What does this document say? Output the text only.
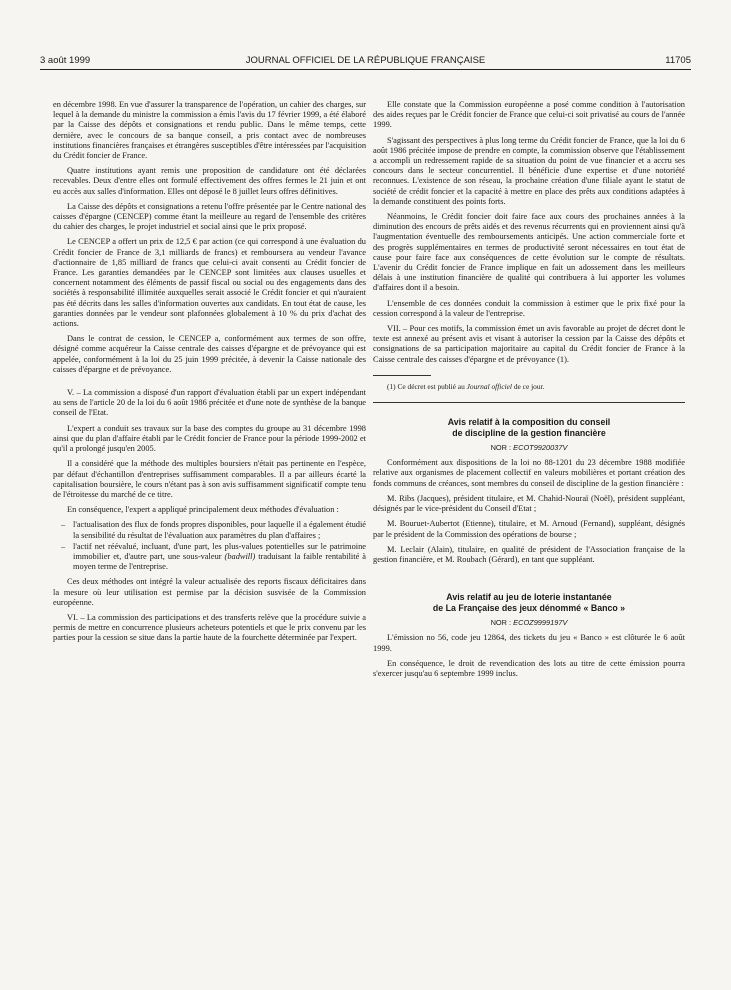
3 août 1999	JOURNAL OFFICIEL DE LA RÉPUBLIQUE FRANÇAISE	11705

en décembre 1998. En vue d'assurer la transparence de l'opération, un cahier des charges, sur lequel à la demande du ministre la commission a émis l'avis du 17 février 1999, a été élaboré par la Caisse des dépôts et consignations et rendu public. Dans le même temps, cette dernière, avec le concours de sa banque conseil, a pris contact avec de nombreuses institutions financières françaises et étrangères susceptibles d'être intéressées par l'acquisition du Crédit foncier de France.

Quatre institutions ayant remis une proposition de candidature ont été déclarées recevables. Deux d'entre elles ont formulé effectivement des offres fermes le 21 juin et ont eu accès aux salles d'information. Elles ont déposé le 8 juillet leurs offres définitives.

La Caisse des dépôts et consignations a retenu l'offre présentée par le Centre national des caisses d'épargne (CENCEP) comme étant la meilleure au regard de l'ensemble des critères du cahier des charges, le projet industriel et social ainsi que le prix proposé.

Le CENCEP a offert un prix de 12,5 € par action (ce qui correspond à une évaluation du Crédit foncier de France de 3,1 milliards de francs) et remboursera au vendeur l'avance d'actionnaire de 1,85 milliard de francs que celui-ci avait consenti au Crédit foncier de France. Les garanties demandées par le CENCEP sont limitées aux clauses usuelles et concernent notamment des éléments de passif fiscal ou social ou des engagements dans des sociétés à responsabilité illimitée auxquelles serait associé le Crédit foncier et qui n'auraient pas été décrits dans les salles d'information ouvertes aux candidats. En tout état de cause, les garanties données par le vendeur sont plafonnées globalement à 10 % du prix d'achat des actions.

Dans le contrat de cession, le CENCEP a, conformément aux termes de son offre, désigné comme acquéreur la Caisse centrale des caisses d'épargne et de prévoyance qui est appelée, conformément à la loi du 25 juin 1999 précitée, à devenir la Caisse nationale des caisses d'épargne et de prévoyance.

V. – La commission a disposé d'un rapport d'évaluation établi par un expert indépendant au sens de l'article 20 de la loi du 6 août 1986 précitée et d'une note de synthèse de la banque conseil de l'Etat.

L'expert a conduit ses travaux sur la base des comptes du groupe au 31 décembre 1998 ainsi que du plan d'affaire établi par le Crédit foncier de France pour la période 1999-2002 et qu'il a prolongé jusqu'en 2005.

Il a considéré que la méthode des multiples boursiers n'était pas pertinente en l'espèce, par défaut d'échantillon d'entreprises suffisamment comparables. Il a par ailleurs écarté la capitalisation boursière, le cours n'étant pas à son avis suffisamment significatif compte tenu de l'étroitesse du marché de ce titre.

En conséquence, l'expert a appliqué principalement deux méthodes d'évaluation :

– l'actualisation des flux de fonds propres disponibles, pour laquelle il a également étudié la sensibilité du résultat de l'évaluation aux paramètres du plan d'affaires ;
– l'actif net réévalué, incluant, d'une part, les plus-values potentielles sur le patrimoine immobilier et, d'autre part, une sous-valeur (badwill) traduisant la faible rentabilité à moyen terme de l'entreprise.

Ces deux méthodes ont intégré la valeur actualisée des reports fiscaux déficitaires dans la mesure où leur utilisation est permise par la décision susvisée de la Commission européenne.

VI. – La commission des participations et des transferts relève que la procédure suivie a permis de mettre en concurrence plusieurs acheteurs potentiels et que le prix convenu par les parties pour la cession se situe dans la partie haute de la fourchette déterminée par l'expert.

Elle constate que la Commission européenne a posé comme condition à l'autorisation des aides reçues par le Crédit foncier de France que celui-ci soit privatisé au cours de l'année 1999.

S'agissant des perspectives à plus long terme du Crédit foncier de France, que la loi du 6 août 1986 précitée impose de prendre en compte, la commission observe que l'établissement a accompli un redressement rapide de sa situation du point de vue financier et a accru ses concours dans le secteur concurrentiel. Il bénéficie d'une expertise et d'une notoriété reconnues. L'existence de son réseau, la prochaine création d'une filiale ayant le statut de société de crédit foncier et la capacité à mettre en place des prêts aux conditions adaptées à la demande constituent des points forts.

Néanmoins, le Crédit foncier doit faire face aux cours des prochaines années à la diminution des encours de prêts aidés et des revenus récurrents qui en proviennent ainsi qu'à l'augmentation éventuelle des remboursements anticipés. Une action commerciale forte et des progrès supplémentaires en termes de productivité seront nécessaires en tout état de cause pour faire face aux conséquences de cette évolution sur le compte de résultats. L'avenir du Crédit foncier de France implique en fait un adossement dans les meilleurs délais à une institution financière de qualité qui contribuera à lui apporter les volumes d'affaires dont il a besoin.

L'ensemble de ces données conduit la commission à estimer que le prix fixé pour la cession correspond à la valeur de l'entreprise.

VII. – Pour ces motifs, la commission émet un avis favorable au projet de décret dont le texte est annexé au présent avis et visant à autoriser la cession par la Caisse des dépôts et consignations de sa participation majoritaire au capital du Crédit foncier de France à la Caisse centrale des caisses d'épargne et de prévoyance (1).

(1) Ce décret est publié au Journal officiel de ce jour.

Avis relatif à la composition du conseil
de discipline de la gestion financière

NOR : ECOT9920037V

Conformément aux dispositions de la loi no 88-1201 du 23 décembre 1988 modifiée relative aux organismes de placement collectif en valeurs mobilières et portant création des fonds communs de créances, sont membres du conseil de discipline de la gestion financière :

M. Ribs (Jacques), président titulaire, et M. Chahid-Nouraï (Noël), président suppléant, désignés par le vice-président du Conseil d'Etat ;

M. Bouruet-Aubertot (Etienne), titulaire, et M. Arnoud (Fernand), suppléant, désignés par le président de la Commission des opérations de bourse ;

M. Leclair (Alain), titulaire, en qualité de président de l'Association française de la gestion financière, et M. Roubach (Gérard), en tant que suppléant.

Avis relatif au jeu de loterie instantanée
de La Française des jeux dénommé « Banco »

NOR : ECOZ9999197V

L'émission no 56, code jeu 12864, des tickets du jeu « Banco » est clôturée le 6 août 1999.

En conséquence, le droit de revendication des lots au titre de cette émission pourra s'exercer jusqu'au 6 septembre 1999 inclus.
